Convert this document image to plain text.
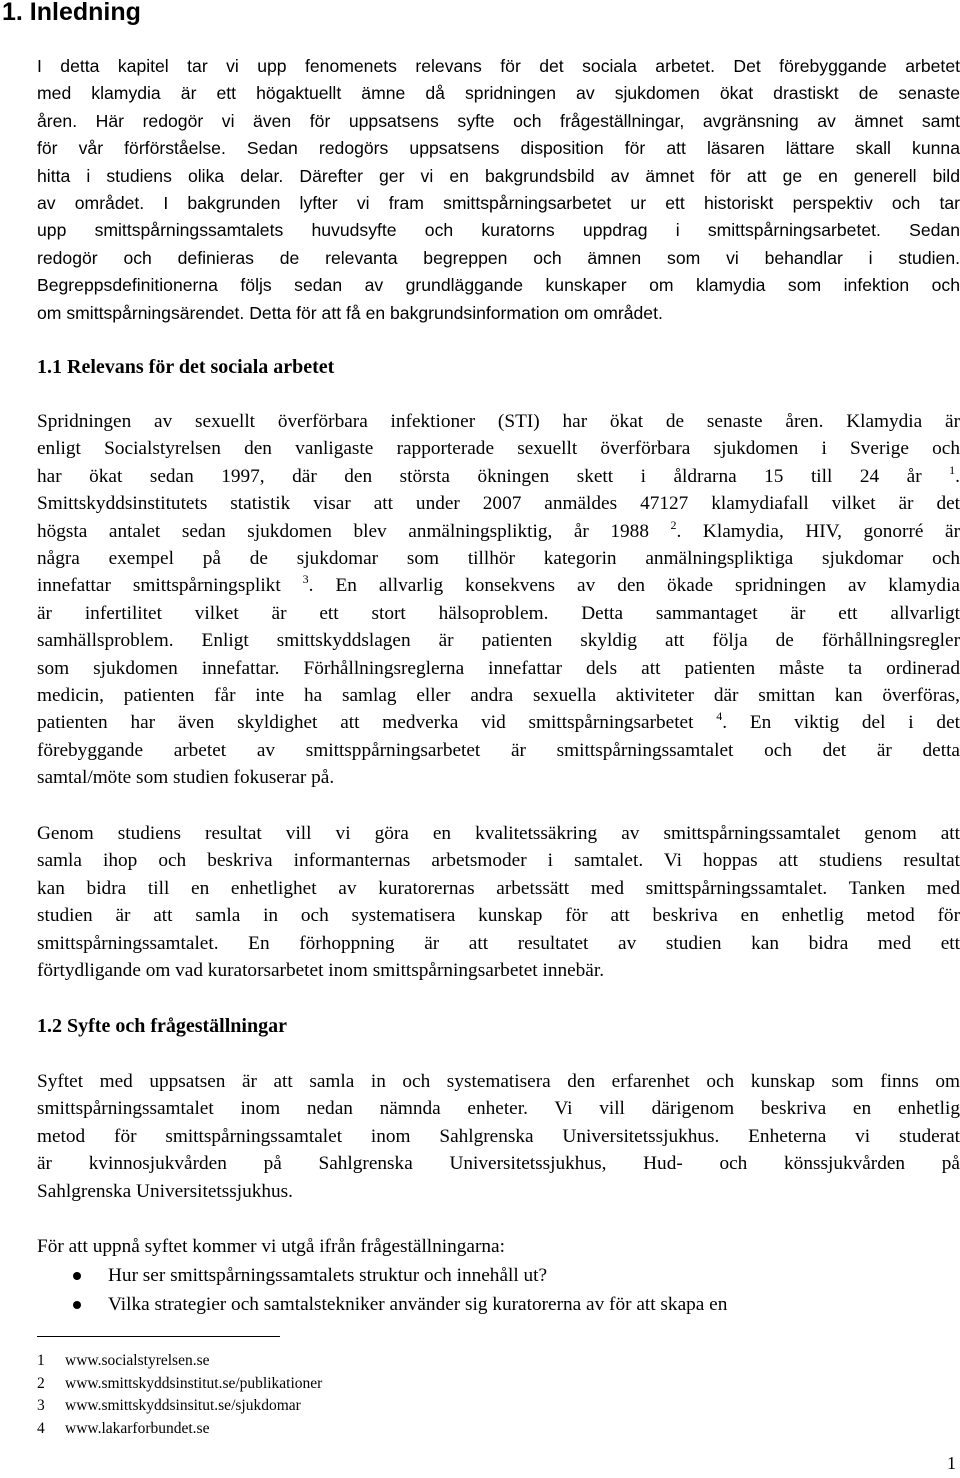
1. Inledning
I detta kapitel tar vi upp fenomenets relevans för det sociala arbetet. Det förebyggande arbetet
med klamydia är ett högaktuellt ämne då spridningen av sjukdomen ökat drastiskt de senaste
åren. Här redogör vi även för uppsatsens syfte och frågeställningar, avgränsning av ämnet samt
för vår förförståelse. Sedan redogörs uppsatsens disposition för att läsaren lättare skall kunna
hitta i studiens olika delar. Därefter ger vi en bakgrundsbild av ämnet för att ge en generell bild
av området. I bakgrunden lyfter vi fram smittspårningsarbetet ur ett historiskt perspektiv och tar
upp smittspårningssamtalets huvudsyfte och kuratorns uppdrag i smittspårningsarbetet. Sedan
redogör och definieras de relevanta begreppen och ämnen som vi behandlar i studien.
Begreppsdefinitionerna följs sedan av grundläggande kunskaper om klamydia som infektion och
om smittspårningsärendet. Detta för att få en bakgrundsinformation om området.
1.1 Relevans för det sociala arbetet
Spridningen av sexuellt överförbara infektioner (STI) har ökat de senaste åren. Klamydia är
enligt Socialstyrelsen den vanligaste rapporterade sexuellt överförbara sjukdomen i Sverige och
har ökat sedan 1997, där den största ökningen skett i åldrarna 15 till 24 år $^1$.
Smittskyddsinstitutets statistik visar att under 2007 anmäldes 47127 klamydiafall vilket är det
högsta antalet sedan sjukdomen blev anmälningspliktig, år 1988 $^2$. Klamydia, HIV, gonorré är
några exempel på de sjukdomar som tillhör kategorin anmälningspliktiga sjukdomar och
innefattar smittspårningsplikt $^3$. En allvarlig konsekvens av den ökade spridningen av klamydia
är infertilitet vilket är ett stort hälsoproblem. Detta sammantaget är ett allvarligt
samhällsproblem. Enligt smittskyddslagen är patienten skyldig att följa de förhållningsregler
som sjukdomen innefattar. Förhållningsreglerna innefattar dels att patienten måste ta ordinerad
medicin, patienten får inte ha samlag eller andra sexuella aktiviteter där smittan kan överföras,
patienten har även skyldighet att medverka vid smittspårningsarbetet $^4$. En viktig del i det
förebyggande arbetet av smittsppårningsarbetet är smittspårningssamtalet och det är detta
samtal/möte som studien fokuserar på.
Genom studiens resultat vill vi göra en kvalitetssäkring av smittspårningssamtalet genom att
samla ihop och beskriva informanternas arbetsmoder i samtalet. Vi hoppas att studiens resultat
kan bidra till en enhetlighet av kuratorernas arbetssätt med smittspårningssamtalet. Tanken med
studien är att samla in och systematisera kunskap för att beskriva en enhetlig metod för
smittspårningssamtalet. En förhoppning är att resultatet av studien kan bidra med ett
förtydligande om vad kuratorsarbetet inom smittspårningsarbetet innebär.
1.2 Syfte och frågeställningar
Syftet med uppsatsen är att samla in och systematisera den erfarenhet och kunskap som finns om
smittspårningssamtalet inom nedan nämnda enheter. Vi vill därigenom beskriva en enhetlig
metod för smittspårningssamtalet inom Sahlgrenska Universitetssjukhus. Enheterna vi studerat
är kvinnosjukvården på Sahlgrenska Universitetssjukhus, Hud- och könssjukvården på
Sahlgrenska Universitetssjukhus.
För att uppnå syftet kommer vi utgå ifrån frågeställningarna:
Hur ser smittspårningssamtalets struktur och innehåll ut?
Vilka strategier och samtalstekniker använder sig kuratorerna av för att skapa en
1 www.socialstyrelsen.se
2 www.smittskyddsinstitut.se/publikationer
3 www.smittskyddsinsitut.se/sjukdomar
4 www.lakarforbundet.se
1
